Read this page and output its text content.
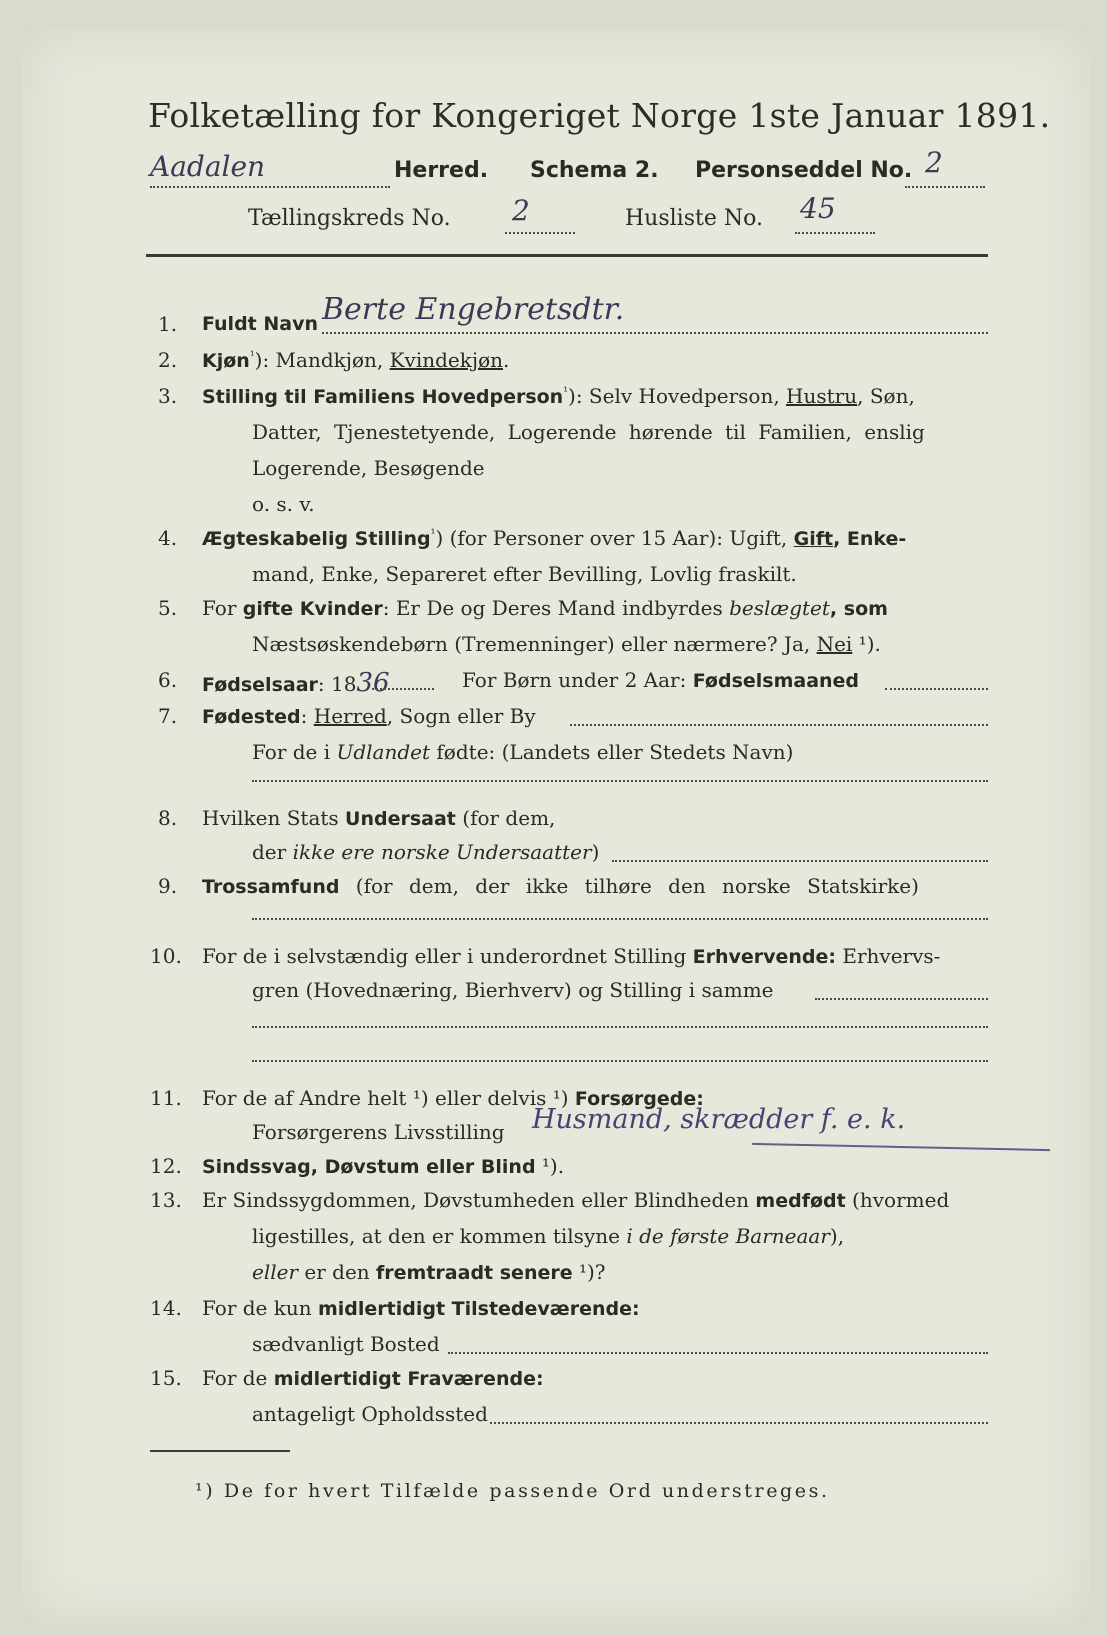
Folketælling for Kongeriget Norge 1ste Januar 1891.
Aadalen	Herred. Schema 2. Personseddel No. 2
Tællingskreds No. 2	Husliste No. 45
1. Fuldt Navn Berte Engebretsdtr.
2. Kjøn$^{^1}$): Mandkjøn, Kvindekjøn.
3. Stilling til Familiens Hovedperson$^{^1}$): Selv Hovedperson, Hustru, Søn,
Datter, Tjenestetyende, Logerende hørende til Familien, enslig
Logerende, Besøgende
o. s. v.
4. Ægteskabelig Stilling$^{^1}$) (for Personer over 15 Aar): Ugift, Gift, Enke-
mand, Enke, Separeret efter Bevilling, Lovlig fraskilt.
5. For gifte Kvinder: Er De og Deres Mand indbyrdes beslægtet, som
Næstsøskendebørn (Tremenninger) eller nærmere? Ja, Nei ¹).
6. Fødselsaar: 1836	For Børn under 2 Aar: Fødselsmaaned
7. Fødested: Herred, Sogn eller By
For de i Udlandet fødte: (Landets eller Stedets Navn)
8. Hvilken Stats Undersaat (for dem,
der ikke ere norske Undersaatter)
9. Trossamfund (for dem, der ikke tilhøre den norske Statskirke)
10. For de i selvstændig eller i underordnet Stilling Erhvervende: Erhvervs-
gren (Hovednæring, Bierhverv) og Stilling i samme
11. For de af Andre helt ¹) eller delvis ¹) Forsørgede:
Forsørgerens Livsstilling Husmand, skrædder f. e. k.
12. Sindssvag, Døvstum eller Blind ¹).
13. Er Sindssygdommen, Døvstumheden eller Blindheden medfødt (hvormed
ligestilles, at den er kommen tilsyne i de første Barneaar),
eller er den fremtraadt senere ¹)?
14. For de kun midlertidigt Tilstedeværende:
sædvanligt Bosted
15. For de midlertidigt Fraværende:
antageligt Opholdssted
¹) De for hvert Tilfælde passende Ord understreges.
